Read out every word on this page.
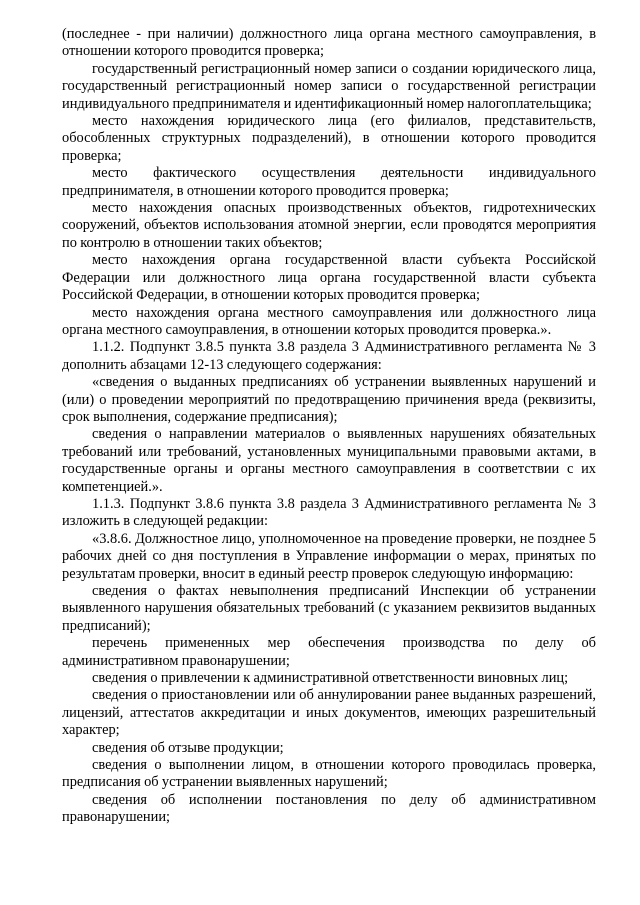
(последнее - при наличии) должностного лица органа местного самоуправления, в отношении которого проводится проверка;

государственный регистрационный номер записи о создании юридического лица, государственный регистрационный номер записи о государственной регистрации индивидуального предпринимателя и идентификационный номер налогоплательщика;

место нахождения юридического лица (его филиалов, представительств, обособленных структурных подразделений), в отношении которого проводится проверка;

место фактического осуществления деятельности индивидуального предпринимателя, в отношении которого проводится проверка;

место нахождения опасных производственных объектов, гидротехнических сооружений, объектов использования атомной энергии, если проводятся мероприятия по контролю в отношении таких объектов;

место нахождения органа государственной власти субъекта Российской Федерации или должностного лица органа государственной власти субъекта Российской Федерации, в отношении которых проводится проверка;

место нахождения органа местного самоуправления или должностного лица органа местного самоуправления, в отношении которых проводится проверка.».

1.1.2. Подпункт 3.8.5 пункта 3.8 раздела 3 Административного регламента № 3 дополнить абзацами 12-13 следующего содержания:

«сведения о выданных предписаниях об устранении выявленных нарушений и (или) о проведении мероприятий по предотвращению причинения вреда (реквизиты, срок выполнения, содержание предписания);

сведения о направлении материалов о выявленных нарушениях обязательных требований или требований, установленных муниципальными правовыми актами, в государственные органы и органы местного самоуправления в соответствии с их компетенцией.».

1.1.3. Подпункт 3.8.6 пункта 3.8 раздела 3 Административного регламента № 3 изложить в следующей редакции:

«3.8.6. Должностное лицо, уполномоченное на проведение проверки, не позднее 5 рабочих дней со дня поступления в Управление информации о мерах, принятых по результатам проверки, вносит в единый реестр проверок следующую информацию:

сведения о фактах невыполнения предписаний Инспекции об устранении выявленного нарушения обязательных требований (с указанием реквизитов выданных предписаний);

перечень примененных мер обеспечения производства по делу об административном правонарушении;

сведения о привлечении к административной ответственности виновных лиц;

сведения о приостановлении или об аннулировании ранее выданных разрешений, лицензий, аттестатов аккредитации и иных документов, имеющих разрешительный характер;

сведения об отзыве продукции;

сведения о выполнении лицом, в отношении которого проводилась проверка, предписания об устранении выявленных нарушений;

сведения об исполнении постановления по делу об административном правонарушении;
